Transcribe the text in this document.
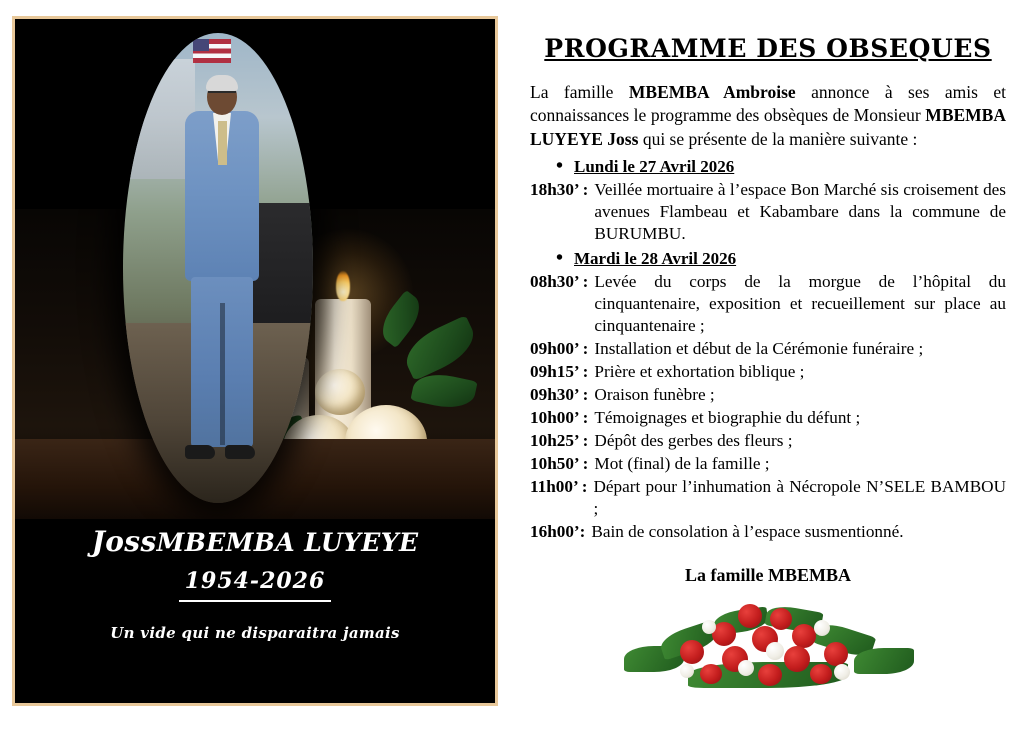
JossMBEMBA LUYEYE
1954-2026
Un vide qui ne disparaitra jamais
PROGRAMME DES OBSEQUES

La famille MBEMBA Ambroise annonce à ses amis et connaissances le programme des obsèques de Monsieur MBEMBA LUYEYE Joss qui se présente de la manière suivante :

• Lundi le 27 Avril 2026
18h30’ : Veillée mortuaire à l’espace Bon Marché sis croisement des avenues Flambeau et Kabambare dans la commune de BURUMBU.
• Mardi le 28 Avril 2026
08h30’ : Levée du corps de la morgue de l’hôpital du cinquantenaire, exposition et recueillement sur place au cinquantenaire ;
09h00’ : Installation et début de la Cérémonie funéraire ;
09h15’ : Prière et exhortation biblique ;
09h30’ : Oraison funèbre ;
10h00’ : Témoignages et biographie du défunt ;
10h25’ : Dépôt des gerbes des fleurs ;
10h50’ : Mot (final) de la famille ;
11h00’ : Départ pour l’inhumation à Nécropole N’SELE BAMBOU ;
16h00’: Bain de consolation à l’espace susmentionné.
La famille MBEMBA
